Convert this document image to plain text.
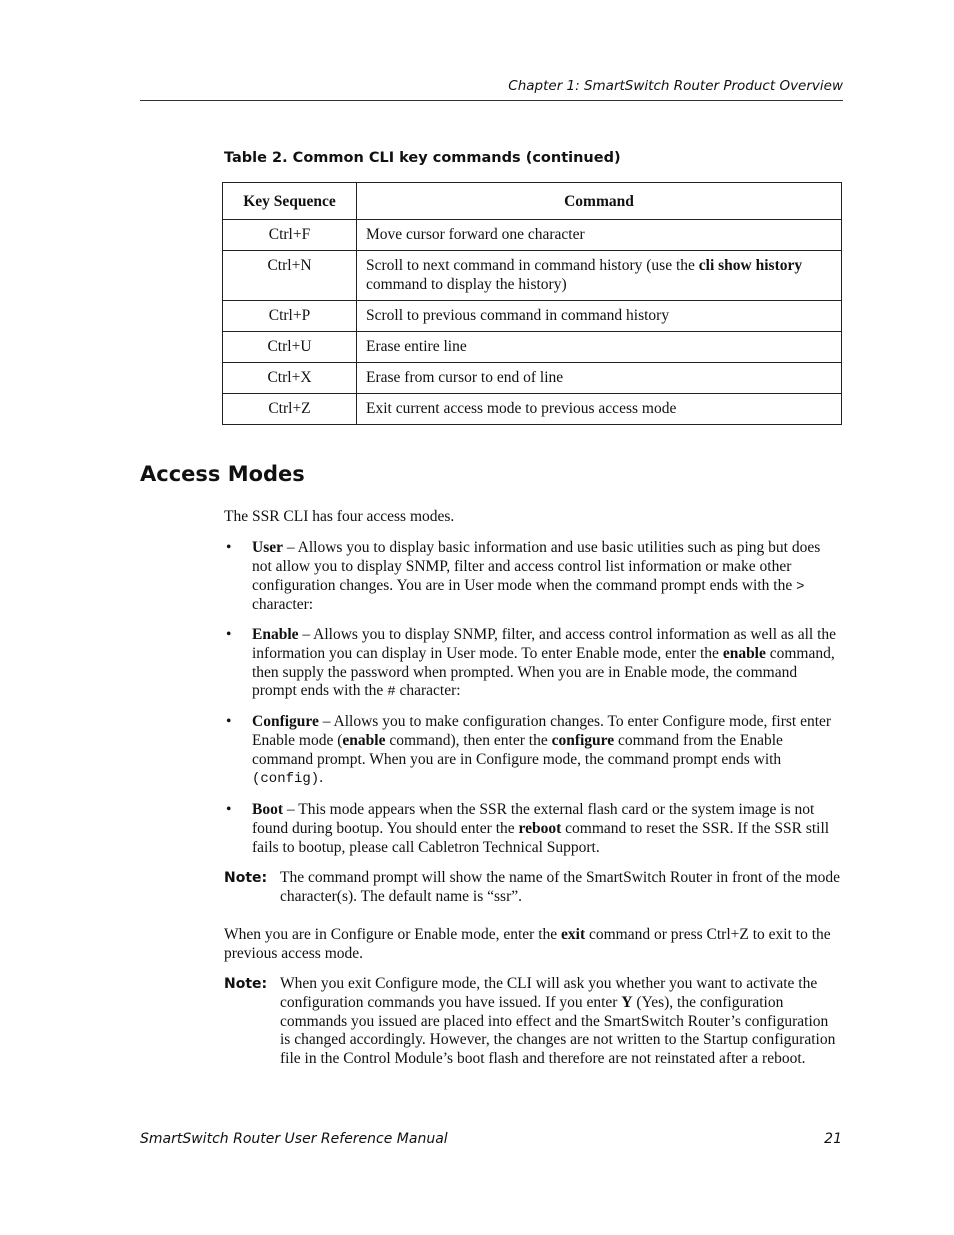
Chapter 1: SmartSwitch Router Product Overview
Table 2. Common CLI key commands (continued)
Key Sequence	Command
Ctrl+F	Move cursor forward one character
Ctrl+N	Scroll to next command in command history (use the cli show history command to display the history)
Ctrl+P	Scroll to previous command in command history
Ctrl+U	Erase entire line
Ctrl+X	Erase from cursor to end of line
Ctrl+Z	Exit current access mode to previous access mode
Access Modes
The SSR CLI has four access modes.
• User – Allows you to display basic information and use basic utilities such as ping but does not allow you to display SNMP, filter and access control list information or make other configuration changes. You are in User mode when the command prompt ends with the > character:
• Enable – Allows you to display SNMP, filter, and access control information as well as all the information you can display in User mode. To enter Enable mode, enter the enable command, then supply the password when prompted. When you are in Enable mode, the command prompt ends with the # character:
• Configure – Allows you to make configuration changes. To enter Configure mode, first enter Enable mode (enable command), then enter the configure command from the Enable command prompt. When you are in Configure mode, the command prompt ends with (config).
• Boot – This mode appears when the SSR the external flash card or the system image is not found during bootup. You should enter the reboot command to reset the SSR. If the SSR still fails to bootup, please call Cabletron Technical Support.
Note: The command prompt will show the name of the SmartSwitch Router in front of the mode character(s). The default name is “ssr”.
When you are in Configure or Enable mode, enter the exit command or press Ctrl+Z to exit to the previous access mode.
Note: When you exit Configure mode, the CLI will ask you whether you want to activate the configuration commands you have issued. If you enter Y (Yes), the configuration commands you issued are placed into effect and the SmartSwitch Router’s configuration is changed accordingly. However, the changes are not written to the Startup configuration file in the Control Module’s boot flash and therefore are not reinstated after a reboot.
SmartSwitch Router User Reference Manual	21
